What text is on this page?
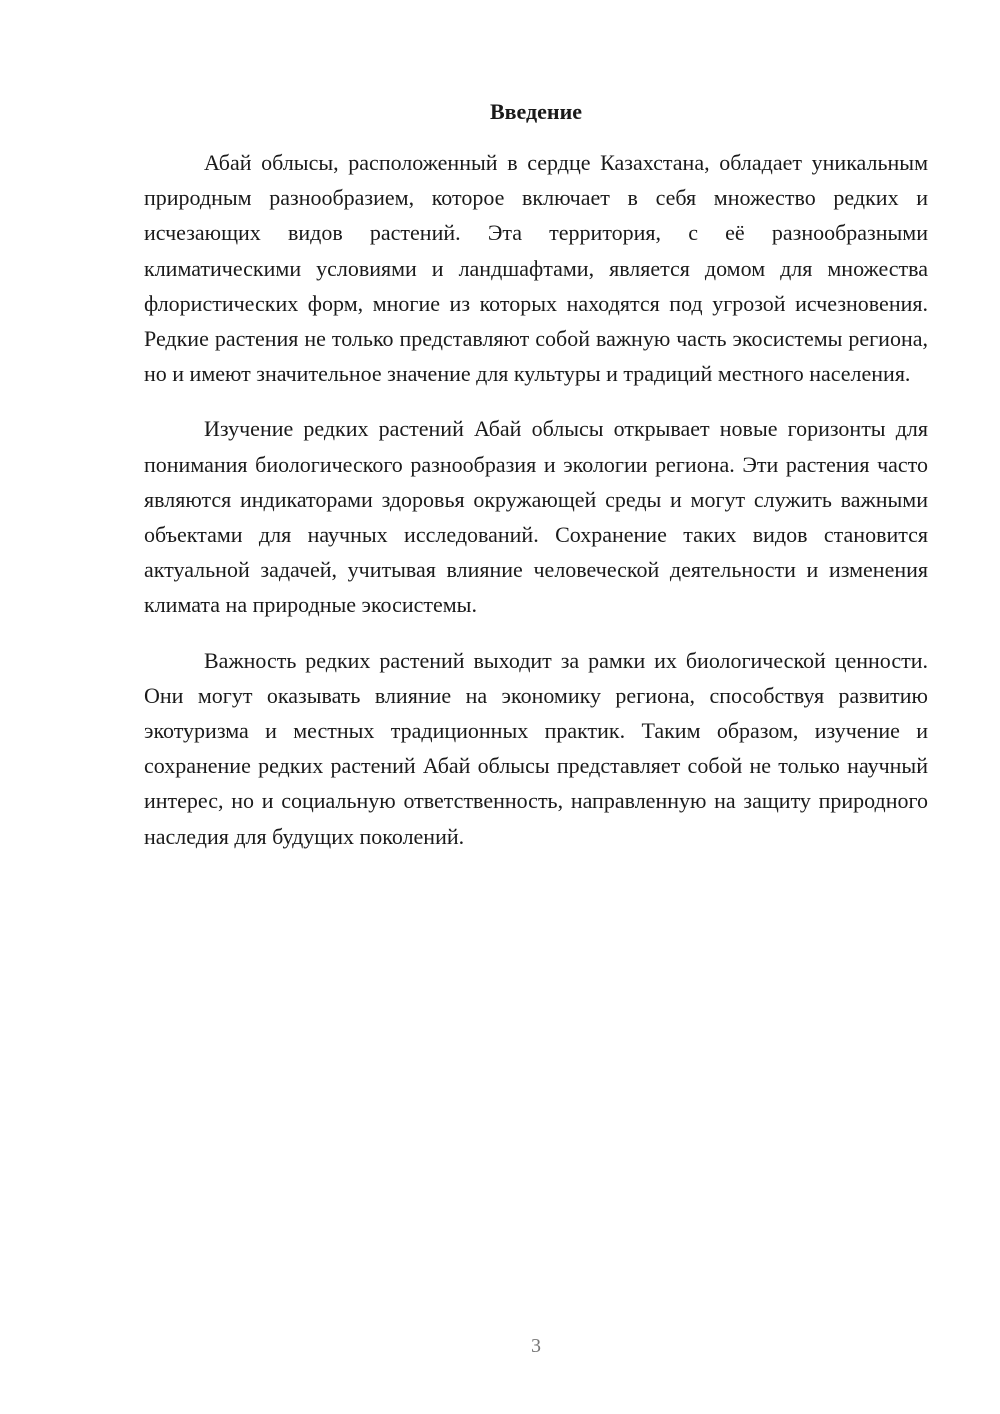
Введение

Абай облысы, расположенный в сердце Казахстана, обладает уникальным природным разнообразием, которое включает в себя множество редких и исчезающих видов растений. Эта территория, с её разнообразными климатическими условиями и ландшафтами, является домом для множества флористических форм, многие из которых находятся под угрозой исчезновения. Редкие растения не только представляют собой важную часть экосистемы региона, но и имеют значительное значение для культуры и традиций местного населения.

Изучение редких растений Абай облысы открывает новые горизонты для понимания биологического разнообразия и экологии региона. Эти растения часто являются индикаторами здоровья окружающей среды и могут служить важными объектами для научных исследований. Сохранение таких видов становится актуальной задачей, учитывая влияние человеческой деятельности и изменения климата на природные экосистемы.

Важность редких растений выходит за рамки их биологической ценности. Они могут оказывать влияние на экономику региона, способствуя развитию экотуризма и местных традиционных практик. Таким образом, изучение и сохранение редких растений Абай облысы представляет собой не только научный интерес, но и социальную ответственность, направленную на защиту природного наследия для будущих поколений.

3
